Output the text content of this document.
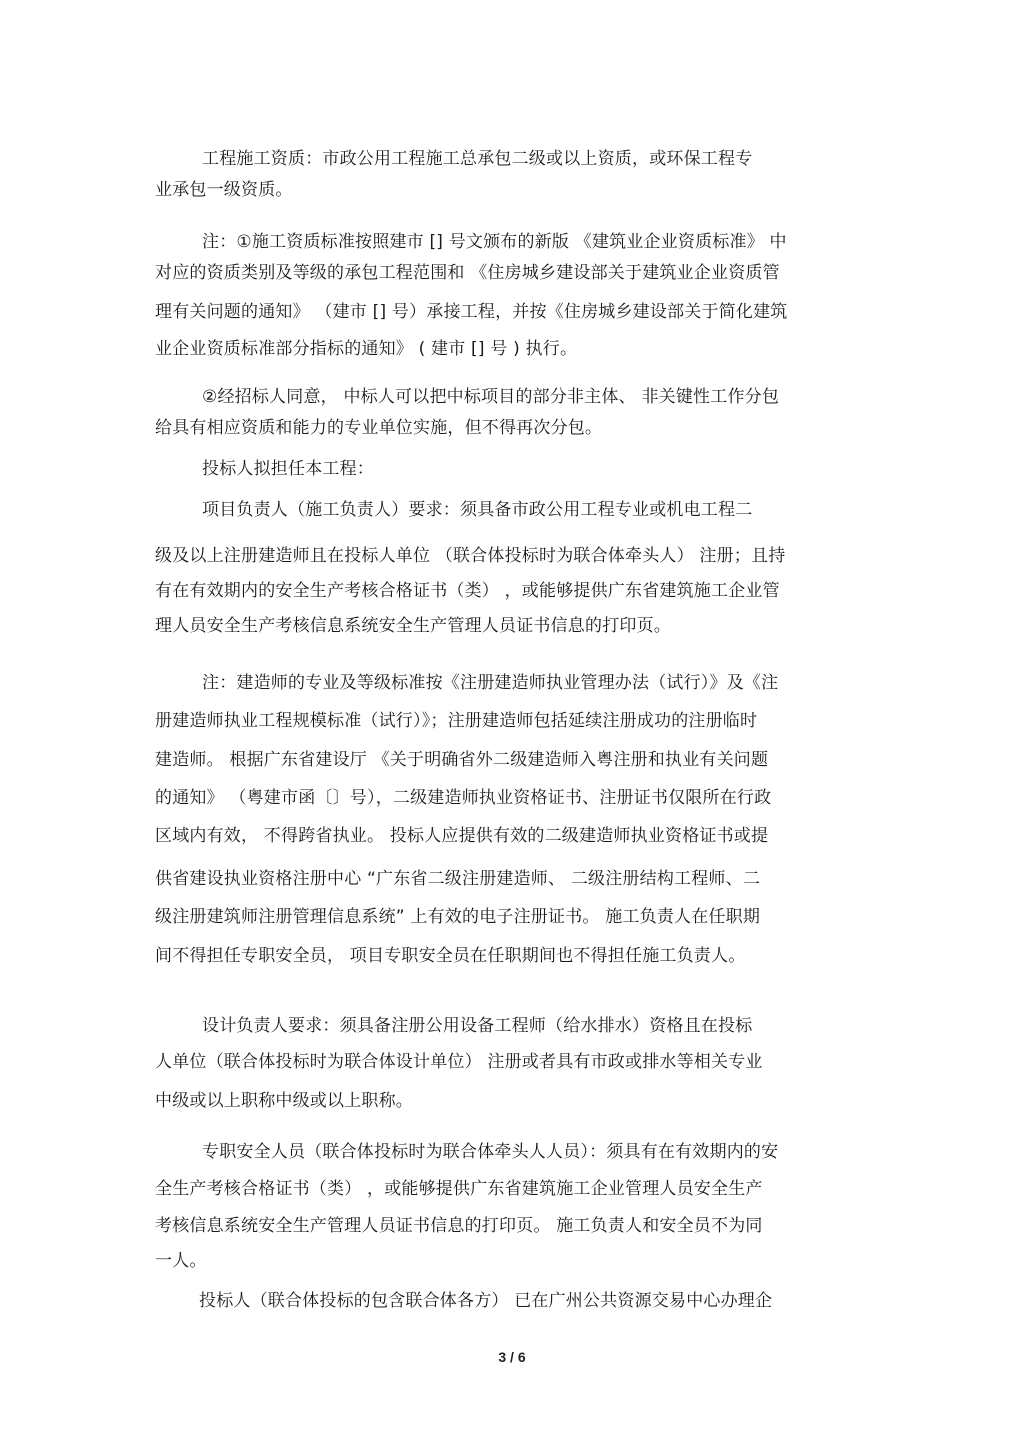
工程施工资质：市政公用工程施工总承包二级或以上资质，或环保工程专
业承包一级资质。
注：①施工资质标准按照建市 [] 号文颁布的新版 《建筑业企业资质标准》 中
对应的资质类别及等级的承包工程范围和 《住房城乡建设部关于建筑业企业资质管
理有关问题的通知》 （建市 [] 号）承接工程，并按《住房城乡建设部关于简化建筑
业企业资质标准部分指标的通知》 ( 建市 [] 号 ) 执行。
②经招标人同意， 中标人可以把中标项目的部分非主体、 非关键性工作分包
给具有相应资质和能力的专业单位实施，但不得再次分包。
投标人拟担任本工程：
项目负责人（施工负责人）要求：须具备市政公用工程专业或机电工程二
级及以上注册建造师且在投标人单位 （联合体投标时为联合体牵头人） 注册；且持
有在有效期内的安全生产考核合格证书（类） ，或能够提供广东省建筑施工企业管
理人员安全生产考核信息系统安全生产管理人员证书信息的打印页。
注：建造师的专业及等级标准按《注册建造师执业管理办法（试行）》及《注
册建造师执业工程规模标准（试行）》；注册建造师包括延续注册成功的注册临时
建造师。 根据广东省建设厅 《关于明确省外二级建造师入粤注册和执业有关问题
的通知》 （粤建市函〔〕号），二级建造师执业资格证书、注册证书仅限所在行政
区域内有效， 不得跨省执业。 投标人应提供有效的二级建造师执业资格证书或提
供省建设执业资格注册中心 “广东省二级注册建造师、 二级注册结构工程师、二
级注册建筑师注册管理信息系统” 上有效的电子注册证书。 施工负责人在任职期
间不得担任专职安全员， 项目专职安全员在任职期间也不得担任施工负责人。
设计负责人要求：须具备注册公用设备工程师（给水排水）资格且在投标
人单位（联合体投标时为联合体设计单位） 注册或者具有市政或排水等相关专业
中级或以上职称中级或以上职称。
专职安全人员（联合体投标时为联合体牵头人人员）：须具有在有效期内的安
全生产考核合格证书（类） ，或能够提供广东省建筑施工企业管理人员安全生产
考核信息系统安全生产管理人员证书信息的打印页。 施工负责人和安全员不为同
一人。
投标人（联合体投标的包含联合体各方） 已在广州公共资源交易中心办理企
3 / 6
